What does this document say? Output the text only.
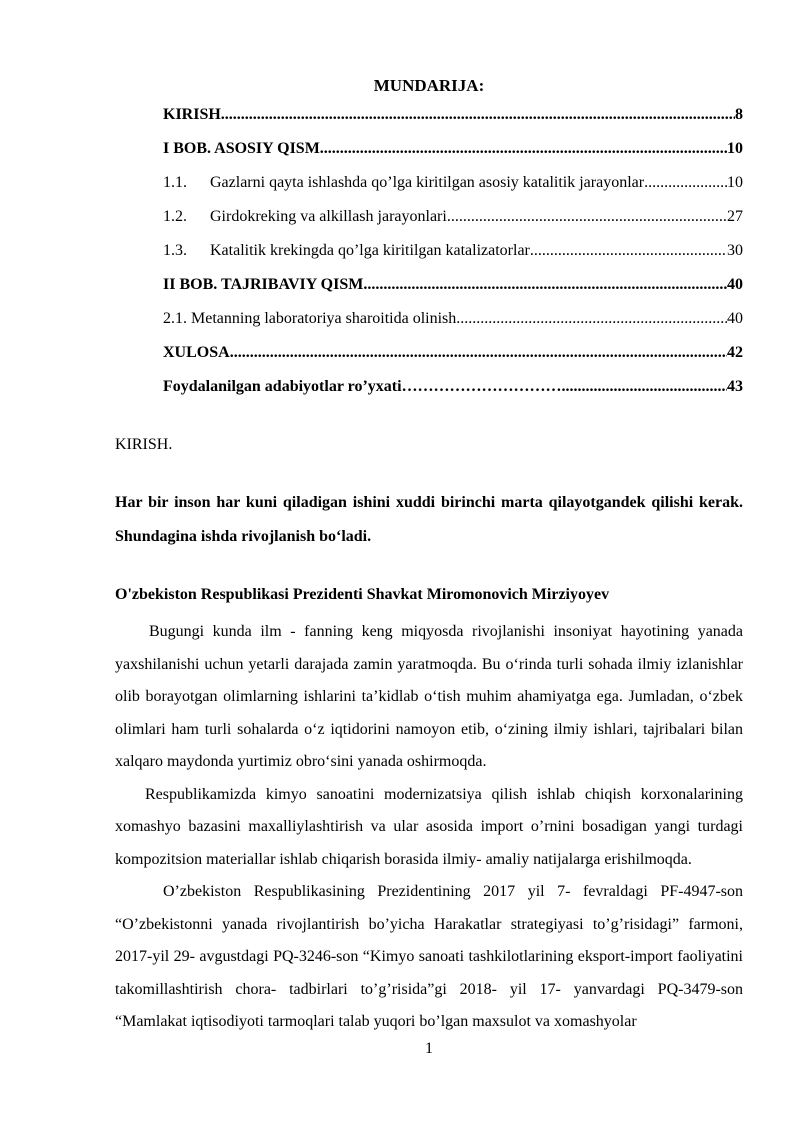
MUNDARIJA:
KIRISH .....	8
I BOB. ASOSIY QISM .....	10
1.1.	Gazlarni qayta ishlashda qo’lga kiritilgan asosiy katalitik jarayonlar .....	10
1.2.	Girdokreking va alkillash jarayonlari .....	27
1.3.	Katalitik krekingda qo’lga kiritilgan katalizatorlar .....	30
II BOB. TAJRIBAVIY QISM .....	40
2.1. Metanning laboratoriya sharoitida olinish .....	40
XULOSA .....	42
Foydalanilgan adabiyotlar ro’yxati………………………… .....	43
KIRISH.
Har bir inson har kuni qiladigan ishini xuddi birinchi marta qilayotgandek qilishi kerak. Shundagina ishda rivojlanish bo‘ladi.
O'zbekiston Respublikasi Prezidenti Shavkat Miromonovich Mirziyoyev

Bugungi kunda ilm - fanning keng miqyosda rivojlanishi insoniyat hayotining yanada yaxshilanishi uchun yetarli darajada zamin yaratmoqda. Bu o‘rinda turli sohada ilmiy izlanishlar olib borayotgan olimlarning ishlarini ta’kidlab o‘tish muhim ahamiyatga ega. Jumladan, o‘zbek olimlari ham turli sohalarda o‘z iqtidorini namoyon etib, o‘zining ilmiy ishlari, tajribalari bilan xalqaro maydonda yurtimiz obro‘sini yanada oshirmoqda.

Respublikamizda kimyo sanoatini modernizatsiya qilish ishlab chiqish korxonalarining xomashyo bazasini maxalliylashtirish va ular asosida import o’rnini bosadigan yangi turdagi kompozitsion materiallar ishlab chiqarish borasida ilmiy- amaliy natijalarga erishilmoqda.

O’zbekiston Respublikasining Prezidentining 2017 yil 7- fevraldagi PF-4947-son “O’zbekistonni yanada rivojlantirish bo’yicha Harakatlar strategiyasi to’g’risidagi” farmoni, 2017-yil 29- avgustdagi PQ-3246-son “Kimyo sanoati tashkilotlarining eksport-import faoliyatini takomillashtirish chora- tadbirlari to’g’risida”gi 2018- yil 17- yanvardagi PQ-3479-son “Mamlakat iqtisodiyoti tarmoqlari talab yuqori bo’lgan maxsulot va xomashyolar

1
